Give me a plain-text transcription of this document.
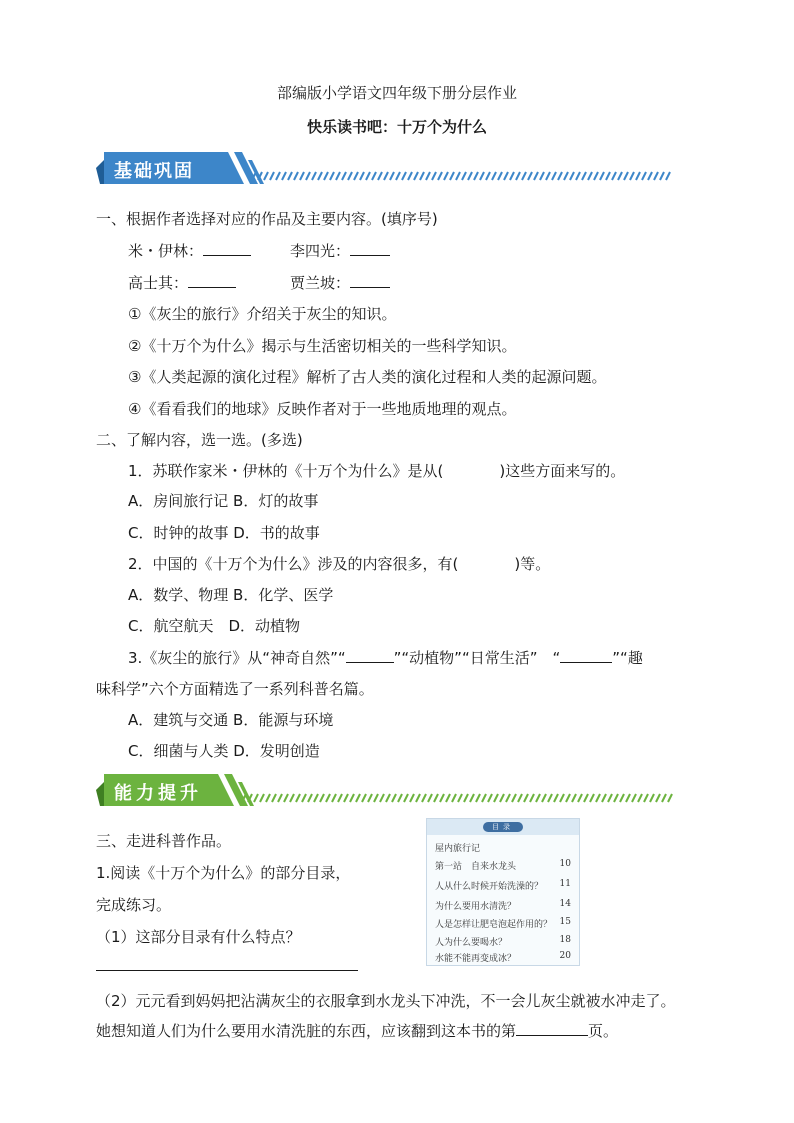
部编版小学语文四年级下册分层作业
快乐读书吧：十万个为什么
基础巩固
一、根据作者选择对应的作品及主要内容。(填序号)
米・伊林：	李四光：
高士其：	贾兰坡：
①《灰尘的旅行》介绍关于灰尘的知识。
②《十万个为什么》揭示与生活密切相关的一些科学知识。
③《人类起源的演化过程》解析了古人类的演化过程和人类的起源问题。
④《看看我们的地球》反映作者对于一些地质地理的观点。
二、了解内容，选一选。(多选)
1．苏联作家米・伊林的《十万个为什么》是从(	)这些方面来写的。
A．房间旅行记 B．灯的故事
C．时钟的故事 D．书的故事
2．中国的《十万个为什么》涉及的内容很多，有(	)等。
A．数学、物理 B．化学、医学
C．航空航天　D．动植物
3.《灰尘的旅行》从“神奇自然”“	”“动植物”“日常生活”　“	”“趣
味科学”六个方面精选了一系列科普名篇。
A．建筑与交通 B．能源与环境
C．细菌与人类 D．发明创造
能力提升
三、走进科普作品。
1.阅读《十万个为什么》的部分目录，
完成练习。
（1）这部分目录有什么特点？
（2）元元看到妈妈把沾满灰尘的衣服拿到水龙头下冲洗，不一会儿灰尘就被水冲走了。
她想知道人们为什么要用水清洗脏的东西，应该翻到这本书的第	页。
目录
屋内旅行记
第一站　自来水龙头	10
人从什么时候开始洗澡的？ 11
为什么要用水清洗？	14
人是怎样让肥皂泡起作用的？ 15
人为什么要喝水？	18
水能不能再变成冰？	20
